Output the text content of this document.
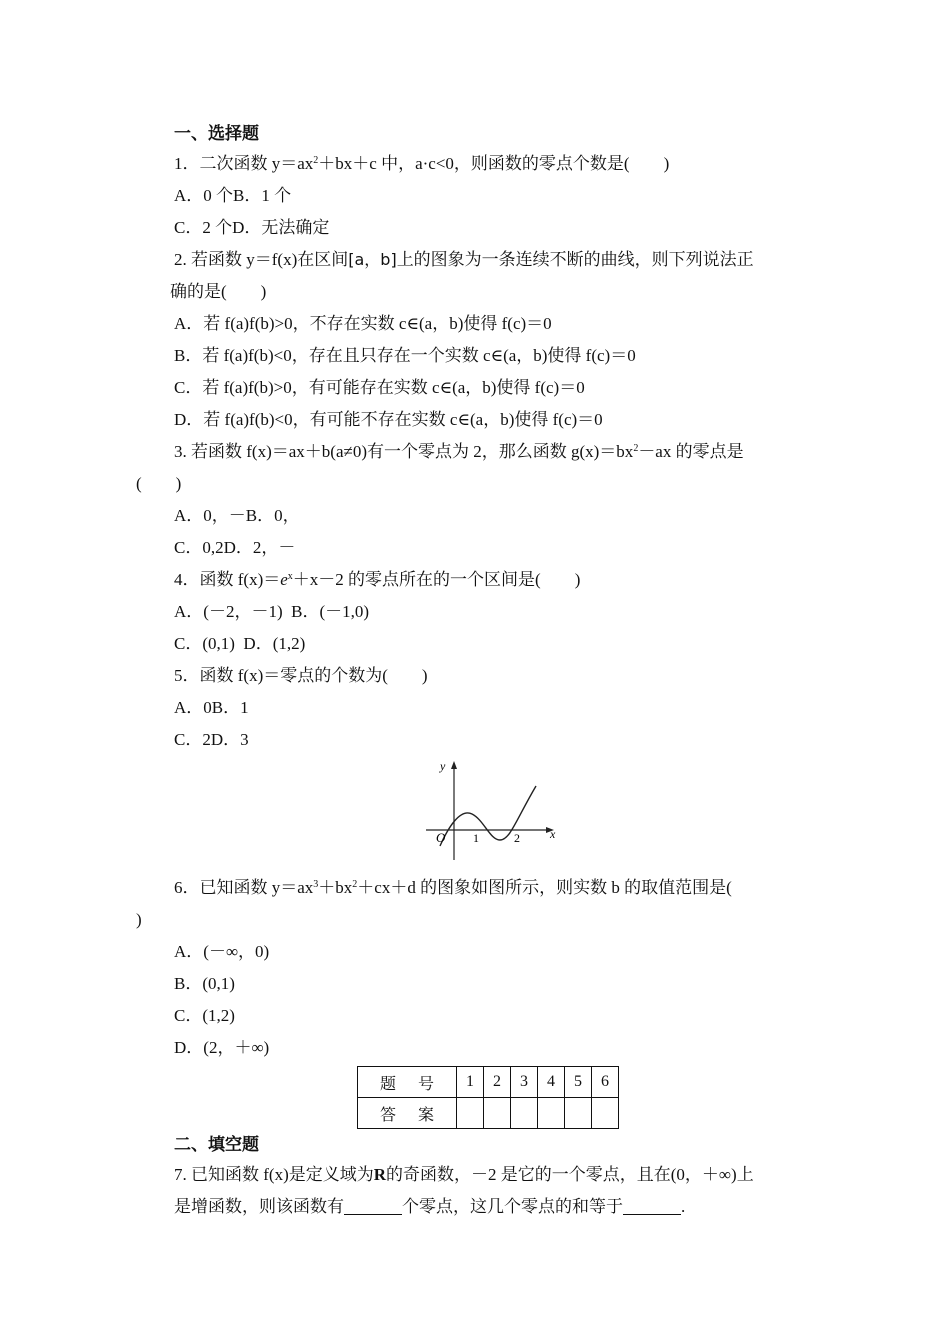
一、选择题
1．二次函数 $y=ax^2+bx+c$ 中，a·c<0，则函数的零点个数是(　　)
A．0 个B．1 个
C．2 个D．无法确定
2. 若函数 y＝f(x)在区间[a，b]上的图象为一条连续不断的曲线，则下列说法正
确的是(　　)
A．若 f(a)f(b)>0，不存在实数 c∈(a，b)使得 f(c)＝0
B．若 f(a)f(b)<0，存在且只存在一个实数 c∈(a，b)使得 f(c)＝0
C．若 f(a)f(b)>0，有可能存在实数 c∈(a，b)使得 f(c)＝0
D．若 f(a)f(b)<0，有可能不存在实数 c∈(a，b)使得 f(c)＝0
3. 若函数 f(x)＝ax＋b(a≠0)有一个零点为 2，那么函数 $g(x)=bx^2-ax$ 的零点是
(　　)
A．0，－B．0，
C．0,2D．2，－
4．函数 $f(x)=e^x+x-2$ 的零点所在的一个区间是(　　)
A．(－2，－1) B．(－1,0)
C．(0,1) D．(1,2)
5．函数 f(x)＝零点的个数为(　　)
A．0B．1
C．2D．3
y
x
O 1	2
6．已知函数 $y=ax^3+bx^2+cx+d$ 的图象如图所示，则实数 b 的取值范围是(
)
A．(－∞，0)
B．(0,1)
C．(1,2)
D．(2，＋∞)
题号	1	2	3	4	5	6
答案						
二、填空题
7. 已知函数 f(x)是定义域为R的奇函数，－2 是它的一个零点，且在(0，＋∞)上
是增函数，则该函数有	个零点，这几个零点的和等于	.
